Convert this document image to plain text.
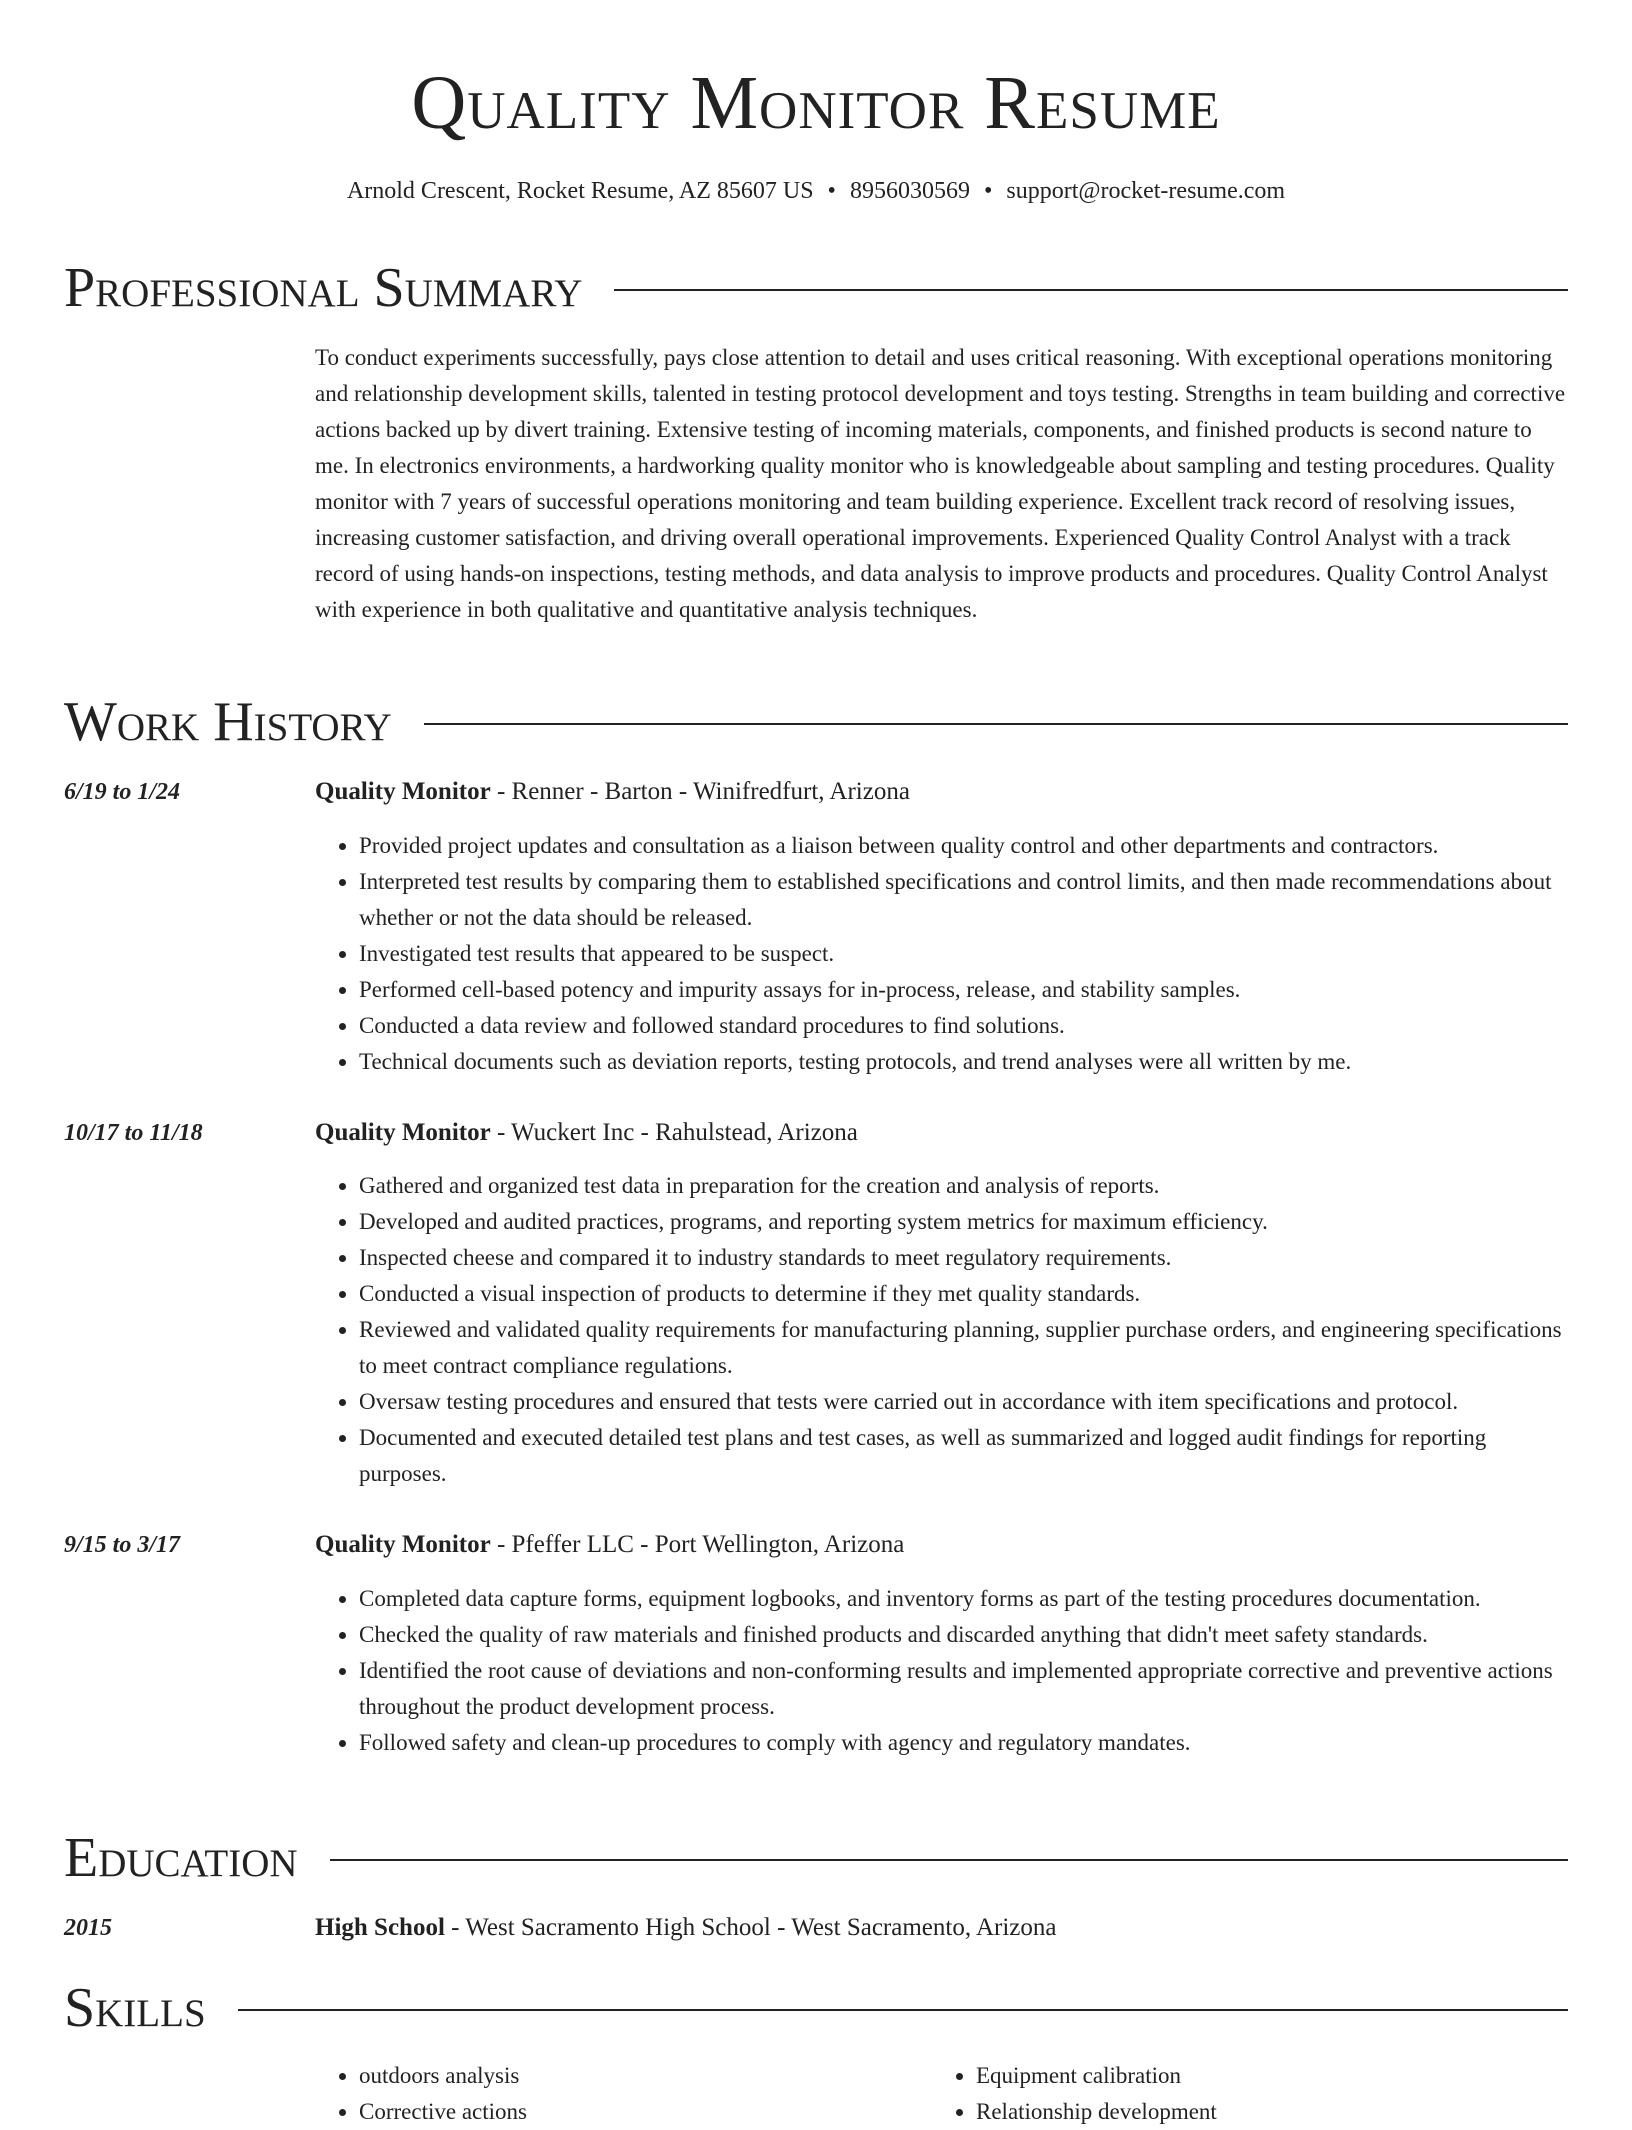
Quality Monitor Resume
Arnold Crescent, Rocket Resume, AZ 85607 US • 8956030569 • support@rocket-resume.com
Professional Summary

To conduct experiments successfully, pays close attention to detail and uses critical reasoning. With exceptional operations monitoring and relationship development skills, talented in testing protocol development and toys testing. Strengths in team building and corrective actions backed up by divert training. Extensive testing of incoming materials, components, and finished products is second nature to me. In electronics environments, a hardworking quality monitor who is knowledgeable about sampling and testing procedures. Quality monitor with 7 years of successful operations monitoring and team building experience. Excellent track record of resolving issues, increasing customer satisfaction, and driving overall operational improvements. Experienced Quality Control Analyst with a track record of using hands-on inspections, testing methods, and data analysis to improve products and procedures. Quality Control Analyst with experience in both qualitative and quantitative analysis techniques.

Work History
6/19 to 1/24	Quality Monitor - Renner - Barton - Winifredfurt, Arizona
• Provided project updates and consultation as a liaison between quality control and other departments and contractors.
• Interpreted test results by comparing them to established specifications and control limits, and then made recommendations about whether or not the data should be released.
• Investigated test results that appeared to be suspect.
• Performed cell-based potency and impurity assays for in-process, release, and stability samples.
• Conducted a data review and followed standard procedures to find solutions.
• Technical documents such as deviation reports, testing protocols, and trend analyses were all written by me.
10/17 to 11/18	Quality Monitor - Wuckert Inc - Rahulstead, Arizona
• Gathered and organized test data in preparation for the creation and analysis of reports.
• Developed and audited practices, programs, and reporting system metrics for maximum efficiency.
• Inspected cheese and compared it to industry standards to meet regulatory requirements.
• Conducted a visual inspection of products to determine if they met quality standards.
• Reviewed and validated quality requirements for manufacturing planning, supplier purchase orders, and engineering specifications to meet contract compliance regulations.
• Oversaw testing procedures and ensured that tests were carried out in accordance with item specifications and protocol.
• Documented and executed detailed test plans and test cases, as well as summarized and logged audit findings for reporting purposes.
9/15 to 3/17	Quality Monitor - Pfeffer LLC - Port Wellington, Arizona
• Completed data capture forms, equipment logbooks, and inventory forms as part of the testing procedures documentation.
• Checked the quality of raw materials and finished products and discarded anything that didn't meet safety standards.
• Identified the root cause of deviations and non-conforming results and implemented appropriate corrective and preventive actions throughout the product development process.
• Followed safety and clean-up procedures to comply with agency and regulatory mandates.
Education
2015	High School - West Sacramento High School - West Sacramento, Arizona
Skills
• outdoors analysis
• Corrective actions
• Equipment calibration
• Relationship development
